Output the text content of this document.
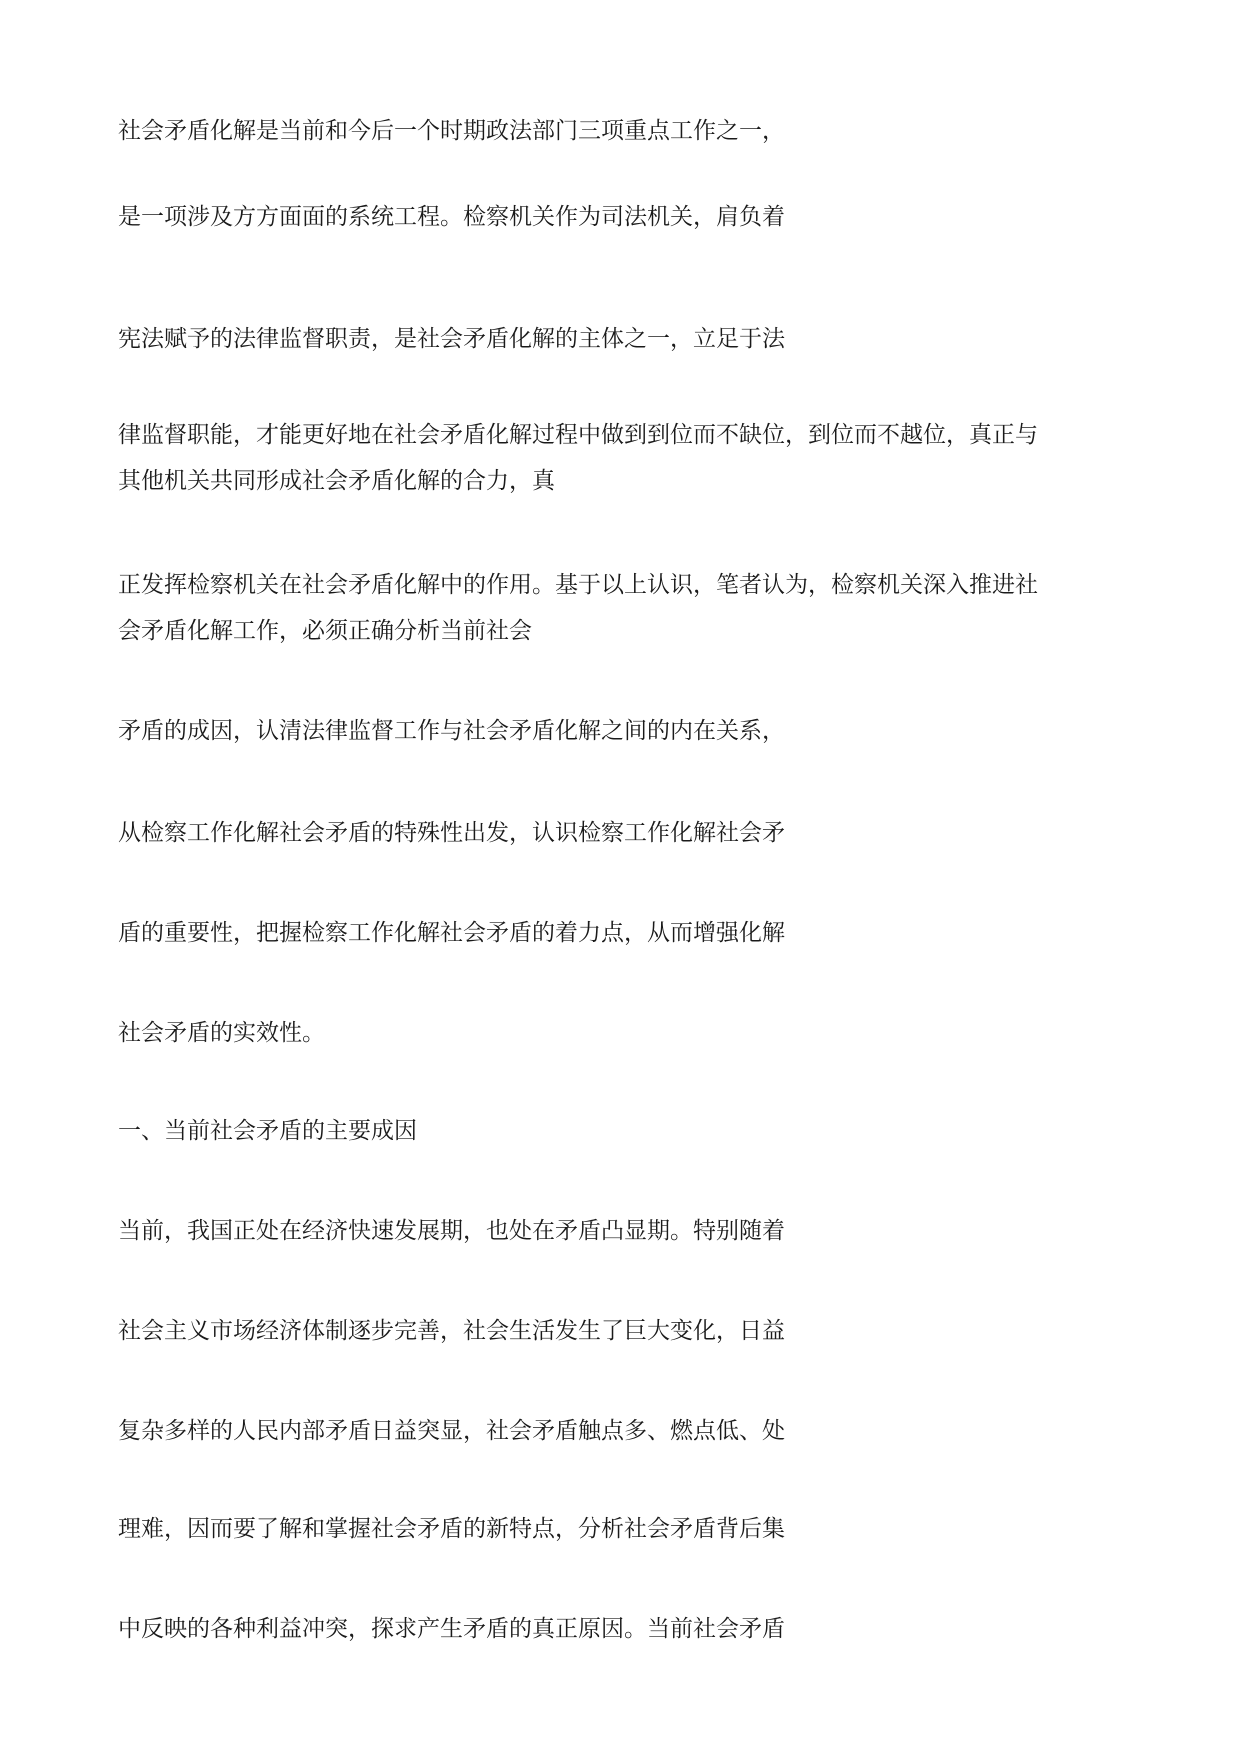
社会矛盾化解是当前和今后一个时期政法部门三项重点工作之一，

是一项涉及方方面面的系统工程。检察机关作为司法机关，肩负着

宪法赋予的法律监督职责，是社会矛盾化解的主体之一，立足于法

律监督职能，才能更好地在社会矛盾化解过程中做到到位而不缺位，到位而不越位，真正与

其他机关共同形成社会矛盾化解的合力，真

正发挥检察机关在社会矛盾化解中的作用。基于以上认识，笔者认为，检察机关深入推进社

会矛盾化解工作，必须正确分析当前社会

矛盾的成因，认清法律监督工作与社会矛盾化解之间的内在关系，

从检察工作化解社会矛盾的特殊性出发，认识检察工作化解社会矛

盾的重要性，把握检察工作化解社会矛盾的着力点，从而增强化解

社会矛盾的实效性。

一、当前社会矛盾的主要成因

当前，我国正处在经济快速发展期，也处在矛盾凸显期。特别随着

社会主义市场经济体制逐步完善，社会生活发生了巨大变化，日益

复杂多样的人民内部矛盾日益突显，社会矛盾触点多、燃点低、处

理难，因而要了解和掌握社会矛盾的新特点，分析社会矛盾背后集

中反映的各种利益冲突，探求产生矛盾的真正原因。当前社会矛盾
